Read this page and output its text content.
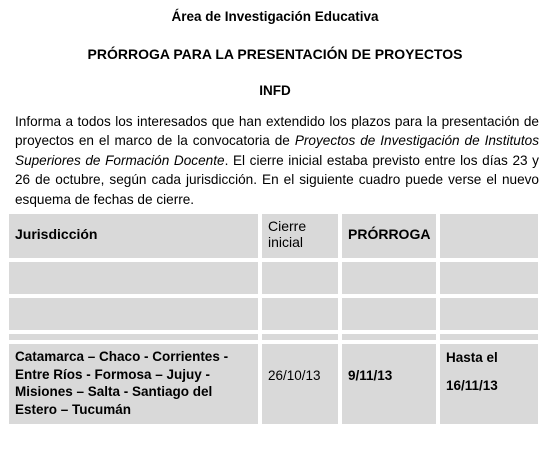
Área de Investigación Educativa
PRÓRROGA PARA LA PRESENTACIÓN DE PROYECTOS
INFD
Informa a todos los interesados que han extendido los plazos para la presentación de proyectos en el marco de la convocatoria de Proyectos de Investigación de Institutos Superiores de Formación Docente. El cierre inicial estaba previsto entre los días 23 y 26 de octubre, según cada jurisdicción. En el siguiente cuadro puede verse el nuevo esquema de fechas de cierre.
Jurisdicción	Cierre inicial	PRÓRROGA	

Catamarca – Chaco - Corrientes - Entre Ríos - Formosa – Jujuy - Misiones – Salta - Santiago del Estero – Tucumán	26/10/13	9/11/13	Hasta el
16/11/13
